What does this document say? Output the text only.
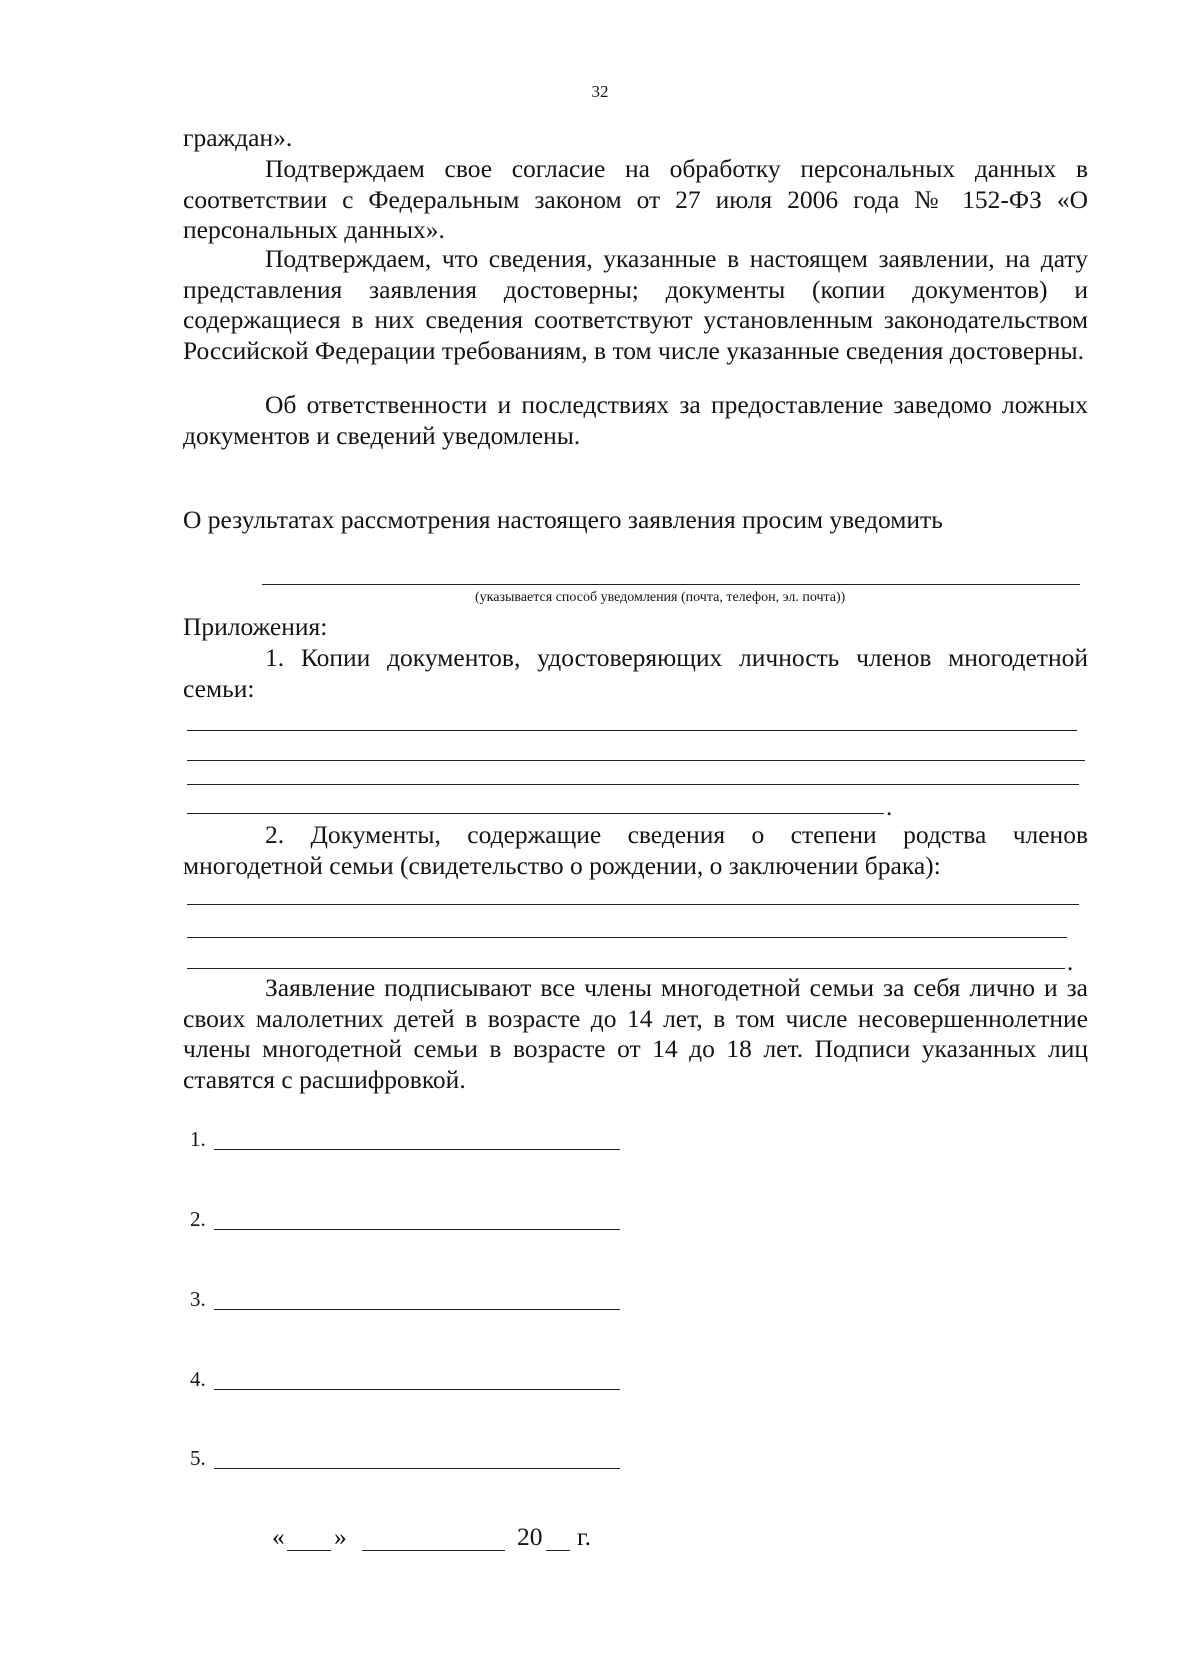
32
граждан».
Подтверждаем свое согласие на обработку персональных данных в соответствии с Федеральным законом от 27 июля 2006 года № 152-ФЗ «О персональных данных».
Подтверждаем, что сведения, указанные в настоящем заявлении, на дату представления заявления достоверны; документы (копии документов) и содержащиеся в них сведения соответствуют установленным законодательством Российской Федерации требованиям, в том числе указанные сведения достоверны.
Об ответственности и последствиях за предоставление заведомо ложных документов и сведений уведомлены.
О результатах рассмотрения настоящего заявления просим уведомить
(указывается способ уведомления (почта, телефон, эл. почта))
Приложения:
1. Копии документов, удостоверяющих личность членов многодетной семьи:
.
2. Документы, содержащие сведения о степени родства членов многодетной семьи (свидетельство о рождении, о заключении брака):
.
Заявление подписывают все члены многодетной семьи за себя лично и за своих малолетних детей в возрасте до 14 лет, в том числе несовершеннолетние члены многодетной семьи в возрасте от 14 до 18 лет. Подписи указанных лиц ставятся с расшифровкой.
1.
2.
3.
4.
5.
« »	20 г.
